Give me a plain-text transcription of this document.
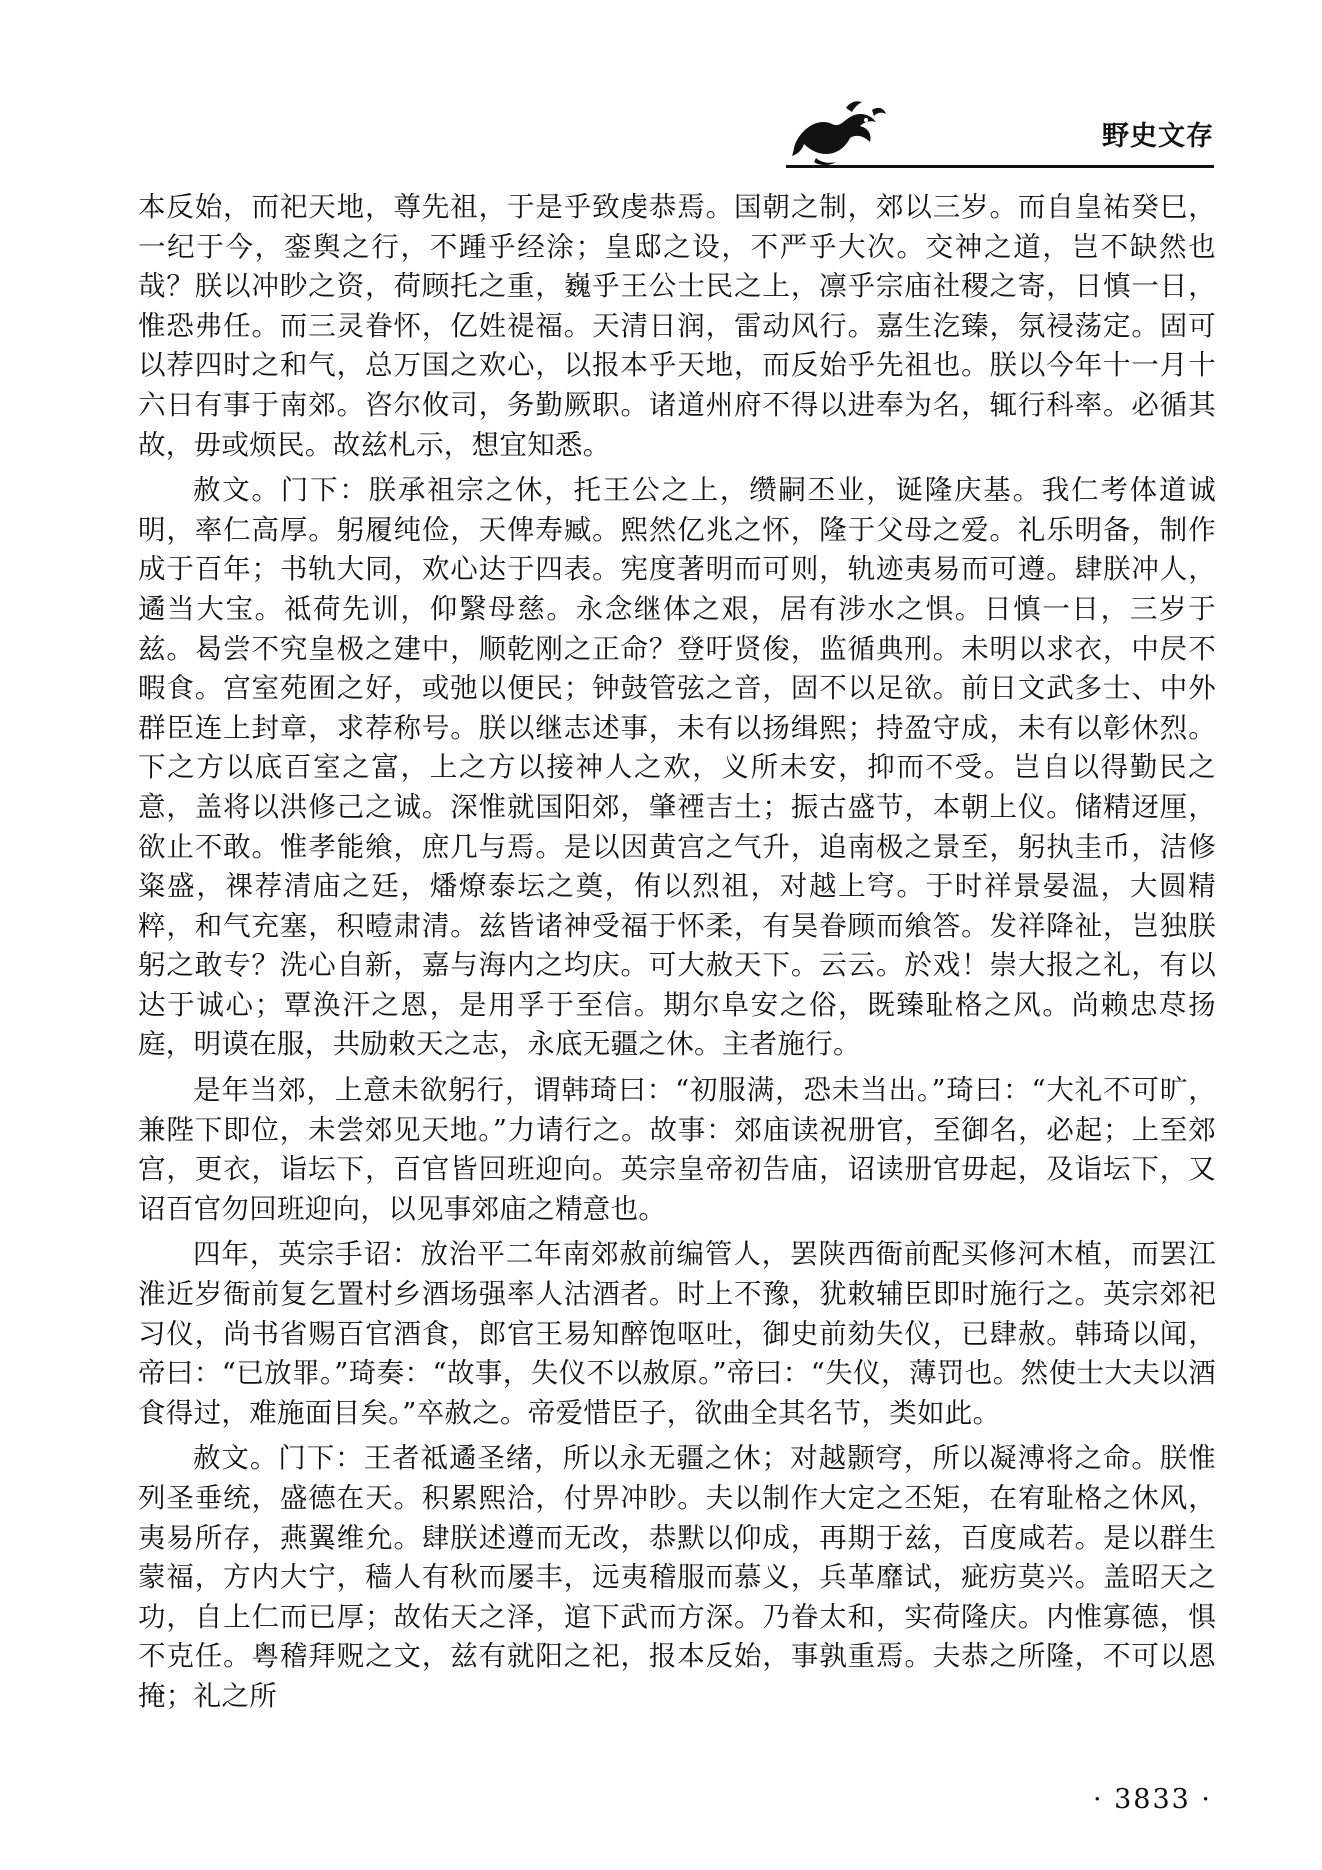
野史文存

本反始，而祀天地，尊先祖，于是乎致虔恭焉。国朝之制，郊以三岁。而自皇祐癸巳，一纪于今，銮舆之行，不踵乎经涂；皇邸之设，不严乎大次。交神之道，岂不缺然也哉？朕以冲眇之资，荷顾托之重，巍乎王公士民之上，凛乎宗庙社稷之寄，日慎一日，惟恐弗任。而三灵眷怀，亿姓禔福。天清日润，雷动风行。嘉生汔臻，氛祲荡定。固可以荐四时之和气，总万国之欢心，以报本乎天地，而反始乎先祖也。朕以今年十一月十六日有事于南郊。咨尔攸司，务勤厥职。诸道州府不得以进奉为名，辄行科率。必循其故，毋或烦民。故兹札示，想宜知悉。

赦文。门下：朕承祖宗之休，托王公之上，缵嗣丕业，诞隆庆基。我仁考体道诚明，率仁高厚。躬履纯俭，天俾寿臧。熙然亿兆之怀，隆于父母之爱。礼乐明备，制作成于百年；书轨大同，欢心达于四表。宪度著明而可则，轨迹夷易而可遵。肆朕冲人，遹当大宝。祗荷先训，仰繄母慈。永念继体之艰，居有涉水之惧。日慎一日，三岁于兹。曷尝不究皇极之建中，顺乾刚之正命？登吁贤俊，监循典刑。未明以求衣，中昃不暇食。宫室苑囿之好，或弛以便民；钟鼓管弦之音，固不以足欲。前日文武多士、中外群臣连上封章，求荐称号。朕以继志述事，未有以扬缉熙；持盈守成，未有以彰休烈。下之方以底百室之富，上之方以接神人之欢，义所未安，抑而不受。岂自以得勤民之意，盖将以洪修己之诚。深惟就国阳郊，肇禋吉土；振古盛节，本朝上仪。储精迓厘，欲止不敢。惟孝能飨，庶几与焉。是以因黄宫之气升，追南极之景至，躬执圭币，洁修粢盛，祼荐清庙之廷，燔燎泰坛之奠，侑以烈祖，对越上穹。于时祥景晏温，大圆精粹，和气充塞，积曀肃清。兹皆诸神受福于怀柔，有昊眷顾而飨答。发祥降祉，岂独朕躬之敢专？洗心自新，嘉与海内之均庆。可大赦天下。云云。於戏！崇大报之礼，有以达于诚心；覃涣汗之恩，是用孚于至信。期尔阜安之俗，既臻耻格之风。尚赖忠荩扬庭，明谟在服，共励敕天之志，永底无疆之休。主者施行。

是年当郊，上意未欲躬行，谓韩琦曰：“初服满，恐未当出。”琦曰：“大礼不可旷，兼陛下即位，未尝郊见天地。”力请行之。故事：郊庙读祝册官，至御名，必起；上至郊宫，更衣，诣坛下，百官皆回班迎向。英宗皇帝初告庙，诏读册官毋起，及诣坛下，又诏百官勿回班迎向，以见事郊庙之精意也。

四年，英宗手诏：放治平二年南郊赦前编管人，罢陕西衙前配买修河木植，而罢江淮近岁衙前复乞置村乡酒场强率人沽酒者。时上不豫，犹敕辅臣即时施行之。英宗郊祀习仪，尚书省赐百官酒食，郎官王易知醉饱呕吐，御史前劾失仪，已肆赦。韩琦以闻，帝曰：“已放罪。”琦奏：“故事，失仪不以赦原。”帝曰：“失仪，薄罚也。然使士大夫以酒食得过，难施面目矣。”卒赦之。帝爱惜臣子，欲曲全其名节，类如此。

赦文。门下：王者祗遹圣绪，所以永无疆之休；对越颢穹，所以凝溥将之命。朕惟列圣垂统，盛德在天。积累熙洽，付畀冲眇。夫以制作大定之丕矩，在宥耻格之休风，夷易所存，燕翼维允。肆朕述遵而无改，恭默以仰成，再期于兹，百度咸若。是以群生蒙福，方内大宁，穑人有秋而屡丰，远夷稽服而慕义，兵革靡试，疵疠莫兴。盖昭天之功，自上仁而已厚；故佑天之泽，逭下武而方深。乃眷太和，实荷隆庆。内惟寡德，惧不克任。粤稽拜贶之文，兹有就阳之祀，报本反始，事孰重焉。夫恭之所隆，不可以恩掩；礼之所

· 3833 ·
